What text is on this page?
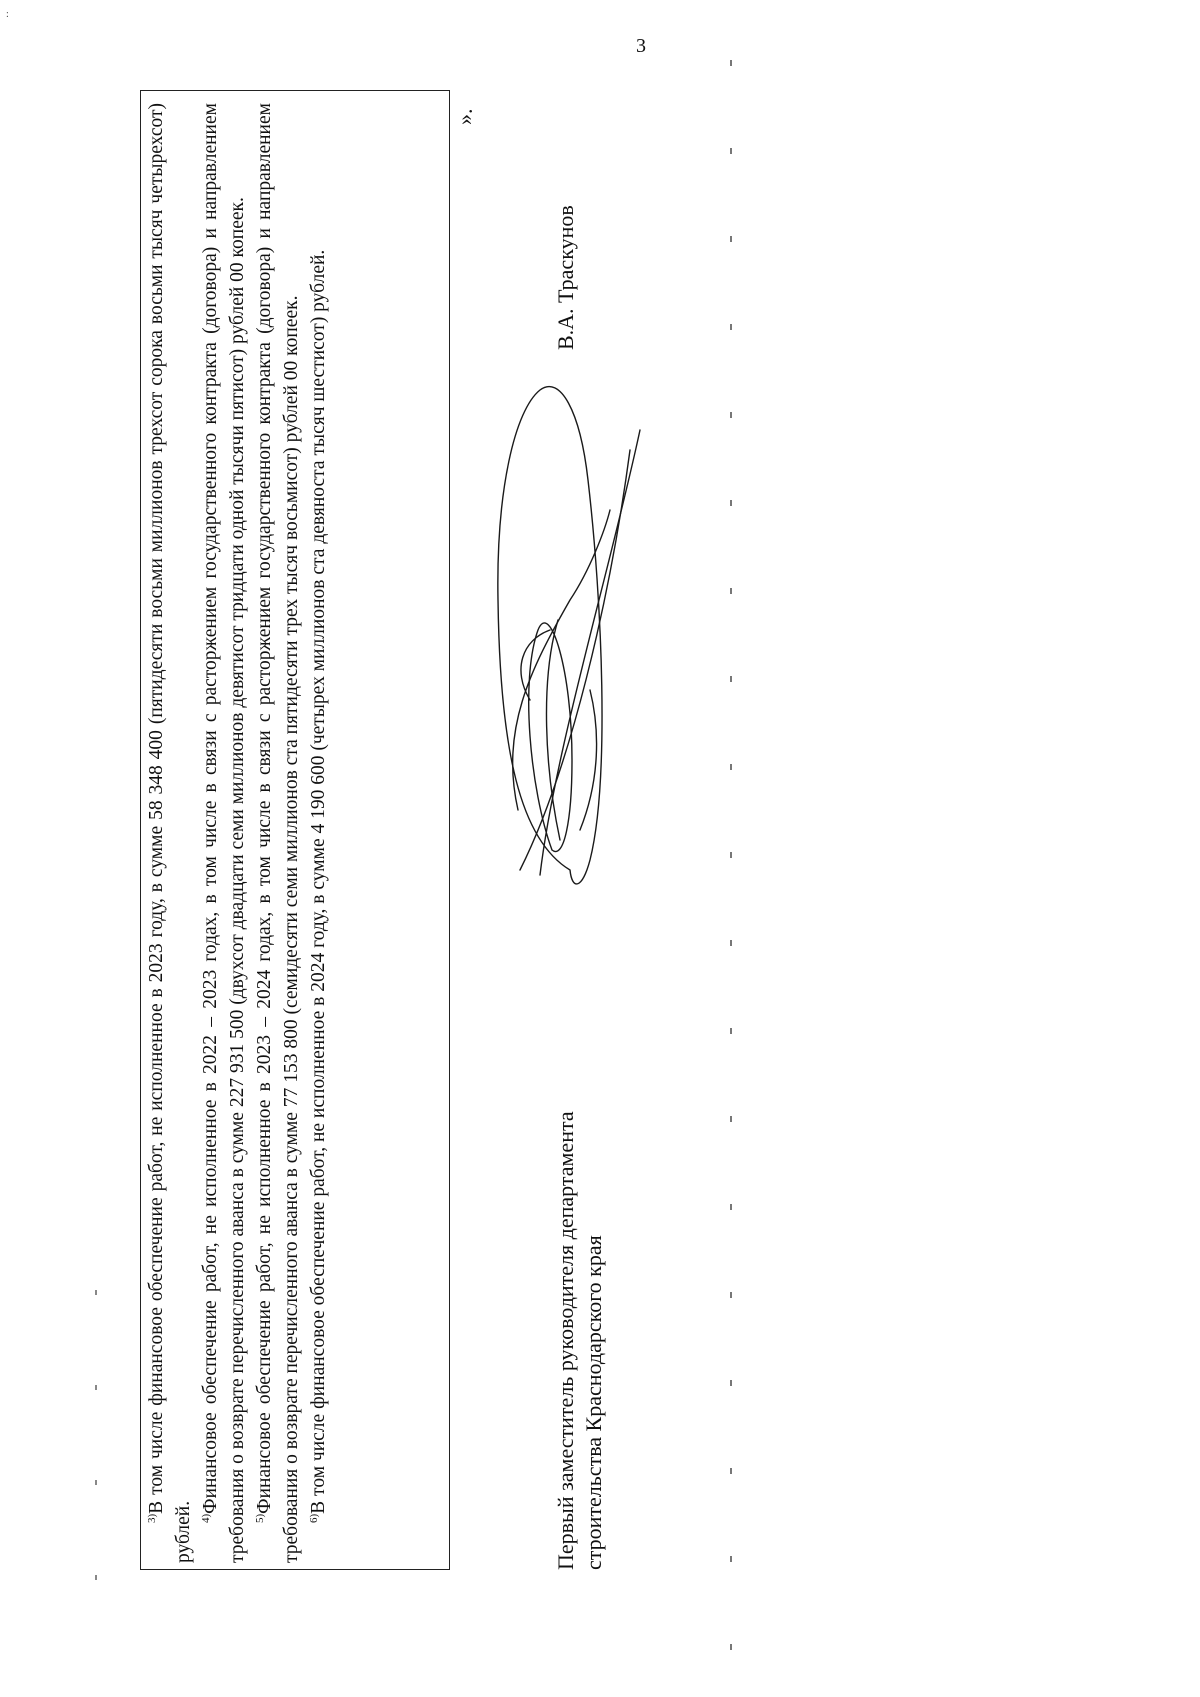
:
3

$^{3)}$В том числе финансовое обеспечение работ, не исполненное в 2023 году, в сумме 58 348 400 (пятидесяти восьми миллионов трехсот сорока восьми тысяч четырехсот) рублей. $^{4)}$Финансовое обеспечение работ, не исполненное в 2022 – 2023 годах, в том числе в связи с расторжением государственного контракта (договора) и направлением требования о возврате перечисленного аванса в сумме 227 931 500 (двухсот двадцати семи миллионов девятисот тридцати одной тысячи пятисот) рублей 00 копеек. $^{5)}$Финансовое обеспечение работ, не исполненное в 2023 – 2024 годах, в том числе в связи с расторжением государственного контракта (договора) и направлением требования о возврате перечисленного аванса в сумме 77 153 800 (семидесяти семи миллионов ста пятидесяти трех тысяч восьмисот) рублей 00 копеек. $^{6)}$В том числе финансовое обеспечение работ, не исполненное в 2024 году, в сумме 4 190 600 (четырех миллионов ста девяноста тысяч шестисот) рублей.

».
Первый заместитель руководителя департамента строительства Краснодарского края
В.А. Траскунов
